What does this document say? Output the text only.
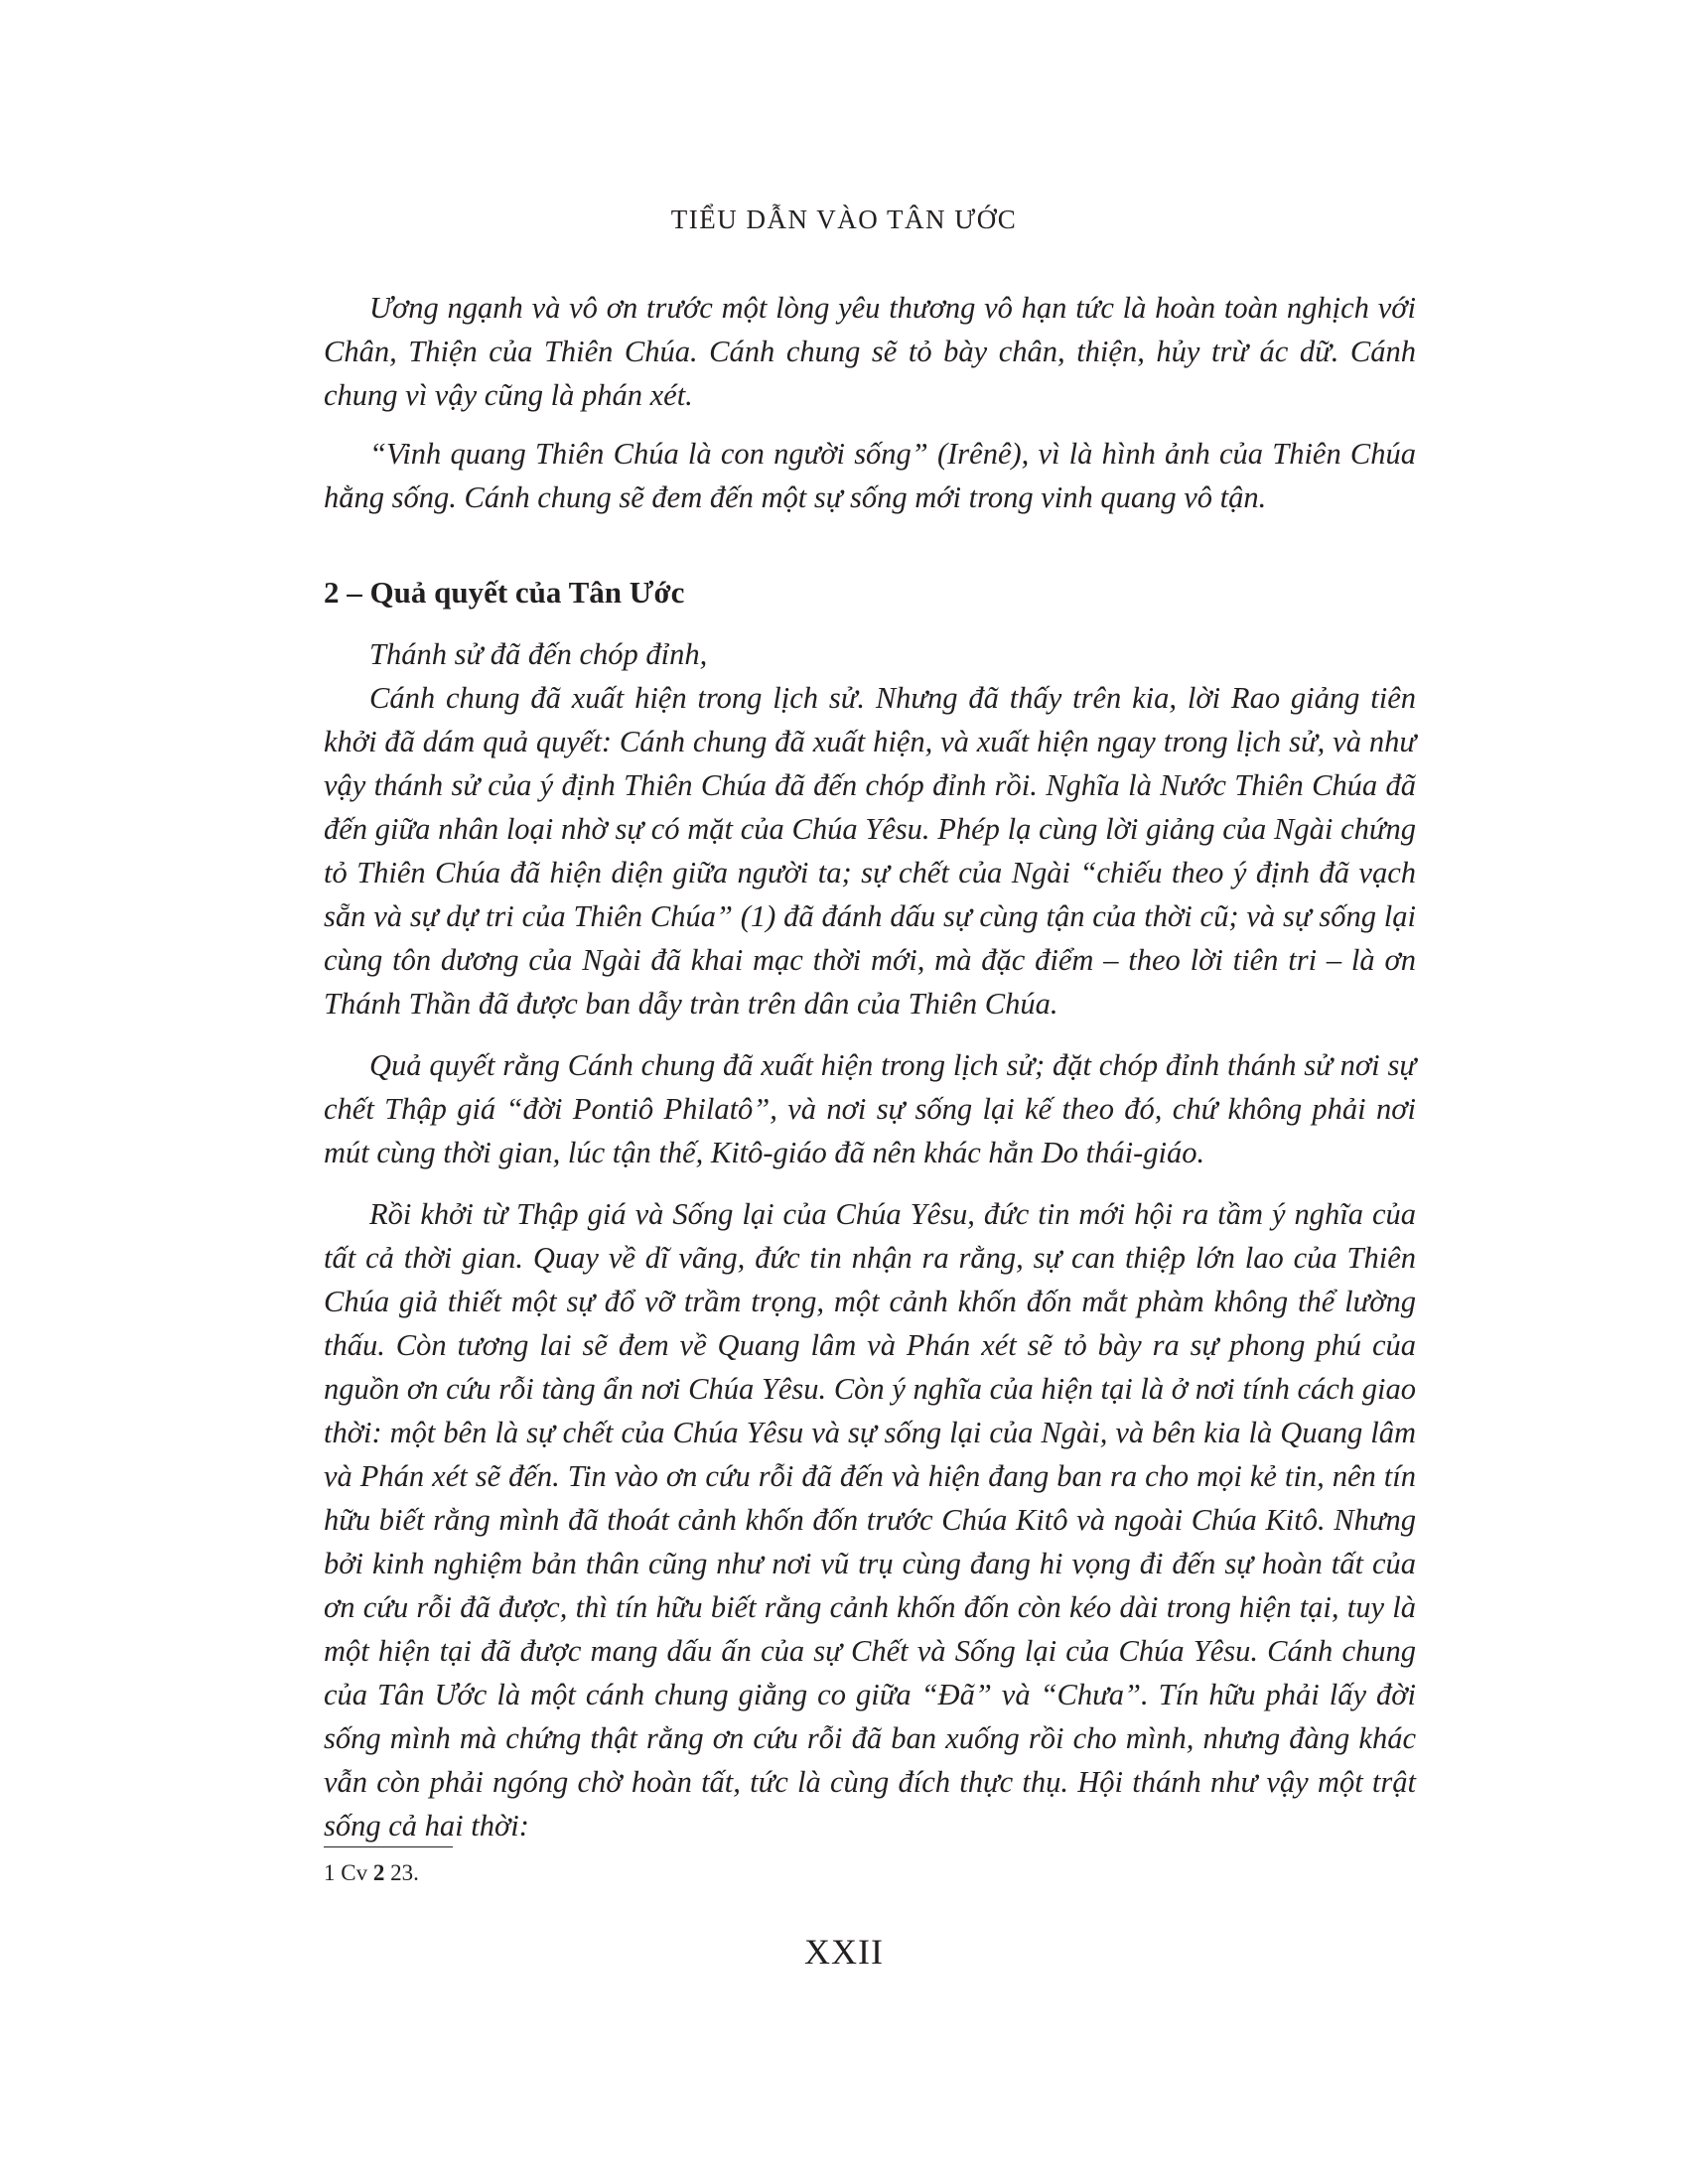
TIỂU DẪN VÀO TÂN ƯỚC

Ương ngạnh và vô ơn trước một lòng yêu thương vô hạn tức là hoàn toàn nghịch với Chân, Thiện của Thiên Chúa. Cánh chung sẽ tỏ bày chân, thiện, hủy trừ ác dữ. Cánh chung vì vậy cũng là phán xét.

“Vinh quang Thiên Chúa là con người sống” (Irênê), vì là hình ảnh của Thiên Chúa hằng sống. Cánh chung sẽ đem đến một sự sống mới trong vinh quang vô tận.

2 – Quả quyết của Tân Ước

Thánh sử đã đến chóp đỉnh,

Cánh chung đã xuất hiện trong lịch sử. Nhưng đã thấy trên kia, lời Rao giảng tiên khởi đã dám quả quyết: Cánh chung đã xuất hiện, và xuất hiện ngay trong lịch sử, và như vậy thánh sử của ý định Thiên Chúa đã đến chóp đỉnh rồi. Nghĩa là Nước Thiên Chúa đã đến giữa nhân loại nhờ sự có mặt của Chúa Yêsu. Phép lạ cùng lời giảng của Ngài chứng tỏ Thiên Chúa đã hiện diện giữa người ta; sự chết của Ngài “chiếu theo ý định đã vạch sẵn và sự dự tri của Thiên Chúa” (1) đã đánh dấu sự cùng tận của thời cũ; và sự sống lại cùng tôn dương của Ngài đã khai mạc thời mới, mà đặc điểm – theo lời tiên tri – là ơn Thánh Thần đã được ban dẫy tràn trên dân của Thiên Chúa.

Quả quyết rằng Cánh chung đã xuất hiện trong lịch sử; đặt chóp đỉnh thánh sử nơi sự chết Thập giá “đời Pontiô Philatô”, và nơi sự sống lại kế theo đó, chứ không phải nơi mút cùng thời gian, lúc tận thế, Kitô-giáo đã nên khác hẳn Do thái-giáo.

Rồi khởi từ Thập giá và Sống lại của Chúa Yêsu, đức tin mới hội ra tầm ý nghĩa của tất cả thời gian. Quay về dĩ vãng, đức tin nhận ra rằng, sự can thiệp lớn lao của Thiên Chúa giả thiết một sự đổ vỡ trầm trọng, một cảnh khốn đốn mắt phàm không thể lường thấu. Còn tương lai sẽ đem về Quang lâm và Phán xét sẽ tỏ bày ra sự phong phú của nguồn ơn cứu rỗi tàng ẩn nơi Chúa Yêsu. Còn ý nghĩa của hiện tại là ở nơi tính cách giao thời: một bên là sự chết của Chúa Yêsu và sự sống lại của Ngài, và bên kia là Quang lâm và Phán xét sẽ đến. Tin vào ơn cứu rỗi đã đến và hiện đang ban ra cho mọi kẻ tin, nên tín hữu biết rằng mình đã thoát cảnh khốn đốn trước Chúa Kitô và ngoài Chúa Kitô. Nhưng bởi kinh nghiệm bản thân cũng như nơi vũ trụ cùng đang hi vọng đi đến sự hoàn tất của ơn cứu rỗi đã được, thì tín hữu biết rằng cảnh khốn đốn còn kéo dài trong hiện tại, tuy là một hiện tại đã được mang dấu ấn của sự Chết và Sống lại của Chúa Yêsu. Cánh chung của Tân Ước là một cánh chung giằng co giữa “Đã” và “Chưa”. Tín hữu phải lấy đời sống mình mà chứng thật rằng ơn cứu rỗi đã ban xuống rồi cho mình, nhưng đàng khác vẫn còn phải ngóng chờ hoàn tất, tức là cùng đích thực thụ. Hội thánh như vậy một trật sống cả hai thời:

1 Cv 2 23.
XXII
